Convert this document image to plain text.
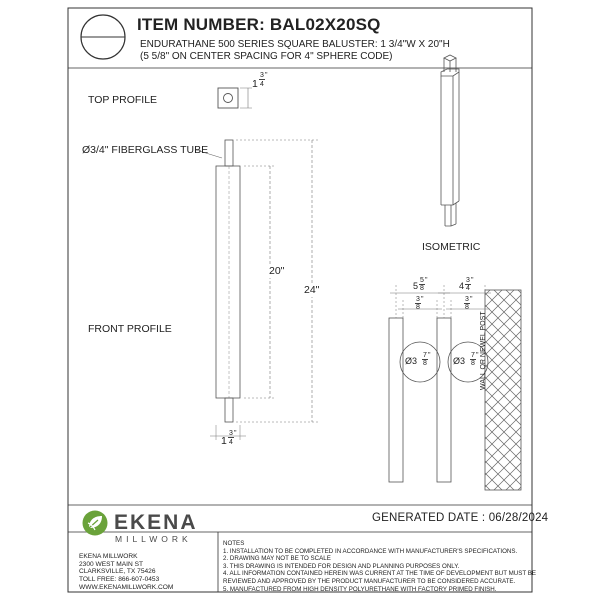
ITEM NUMBER: BAL02X20SQ
ENDURATHANE 500 SERIES SQUARE BALUSTER: 1 3/4"W X 20"H
(5 5/8" ON CENTER SPACING FOR 4" SPHERE CODE)
TOP PROFILE
Ø3/4" FIBERGLASS TUBE
FRONT PROFILE
ISOMETRIC
WALL OR NEWEL POST
1
3
4
"
20"
24"
1
3
4
"
5
5
8
"
4
3
4
"
3
8
"	3
8
"
Ø3
7
8
"
Ø3
7
8
"
GENERATED DATE : 06/28/2024
EKENA
MILLWORK
EKENA MILLWORK
2300 WEST MAIN ST
CLARKSVILLE, TX 75426
TOLL FREE: 866-607-0453
WWW.EKENAMILLWORK.COM
NOTES
1. INSTALLATION TO BE COMPLETED IN ACCORDANCE WITH MANUFACTURER'S SPECIFICATIONS.
2. DRAWING MAY NOT BE TO SCALE
3. THIS DRAWING IS INTENDED FOR DESIGN AND PLANNING PURPOSES ONLY.
4. ALL INFORMATION CONTAINED HEREIN WAS CURRENT AT THE TIME OF DEVELOPMENT BUT MUST BE
REVIEWED AND APPROVED BY THE PRODUCT MANUFACTURER TO BE CONSIDERED ACCURATE.
5. MANUFACTURED FROM HIGH DENSITY POLYURETHANE WITH FACTORY PRIMED FINISH.
